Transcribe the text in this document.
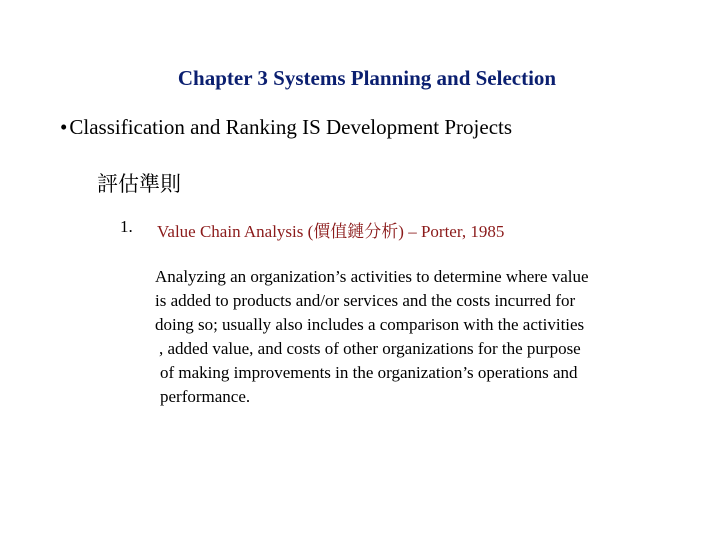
Chapter 3 Systems Planning and Selection
•Classification and Ranking IS Development Projects
評估準則
1. Value Chain Analysis (價值鏈分析) – Porter, 1985
Analyzing an organization’s activities to determine where value
is added to products and/or services and the costs incurred for
doing so; usually also includes a comparison with the activities
, added value, and costs of other organizations for the purpose
of making improvements in the organization’s operations and
performance.
